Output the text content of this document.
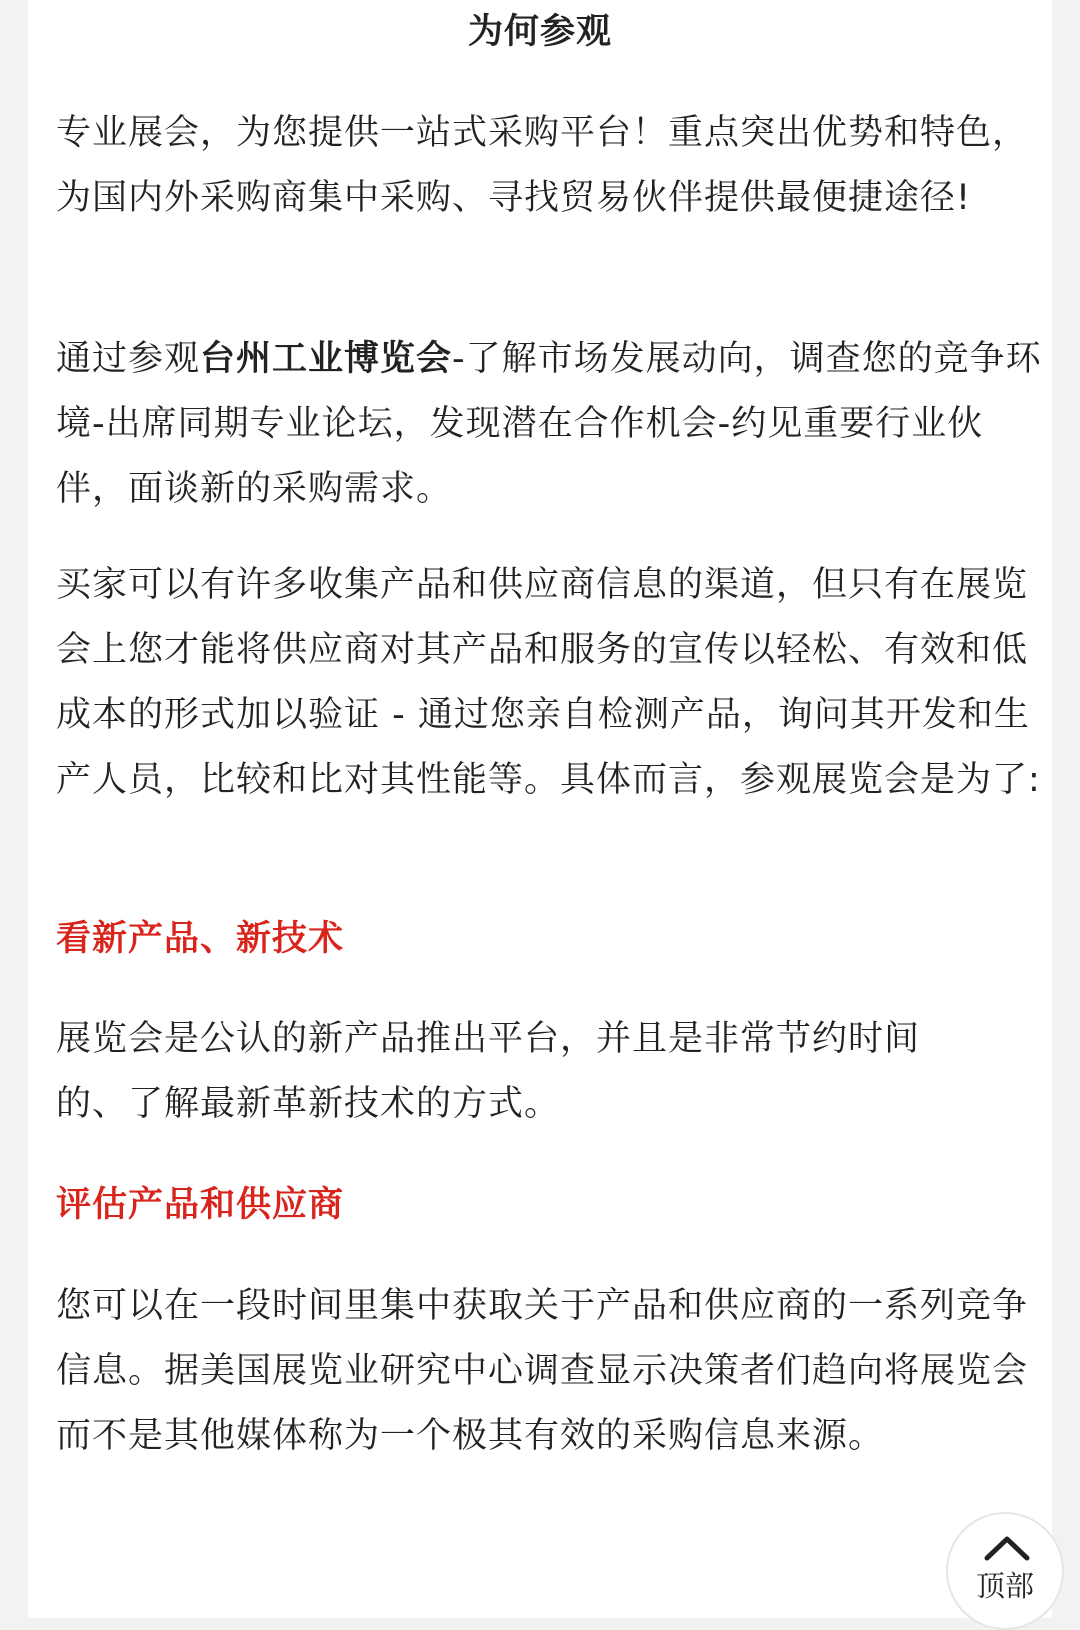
为何参观

专业展会，为您提供一站式采购平台！重点突出优势和特色，为国内外采购商集中采购、寻找贸易伙伴提供最便捷途径!

通过参观台州工业博览会-了解市场发展动向，调查您的竞争环境-出席同期专业论坛，发现潜在合作机会-约见重要行业伙伴，面谈新的采购需求。

买家可以有许多收集产品和供应商信息的渠道，但只有在展览会上您才能将供应商对其产品和服务的宣传以轻松、有效和低成本的形式加以验证 - 通过您亲自检测产品，询问其开发和生产人员，比较和比对其性能等。具体而言，参观展览会是为了:

看新产品、新技术

展览会是公认的新产品推出平台，并且是非常节约时间的、了解最新革新技术的方式。

评估产品和供应商

您可以在一段时间里集中获取关于产品和供应商的一系列竞争信息。据美国展览业研究中心调查显示决策者们趋向将展览会而不是其他媒体称为一个极其有效的采购信息来源。

顶部
